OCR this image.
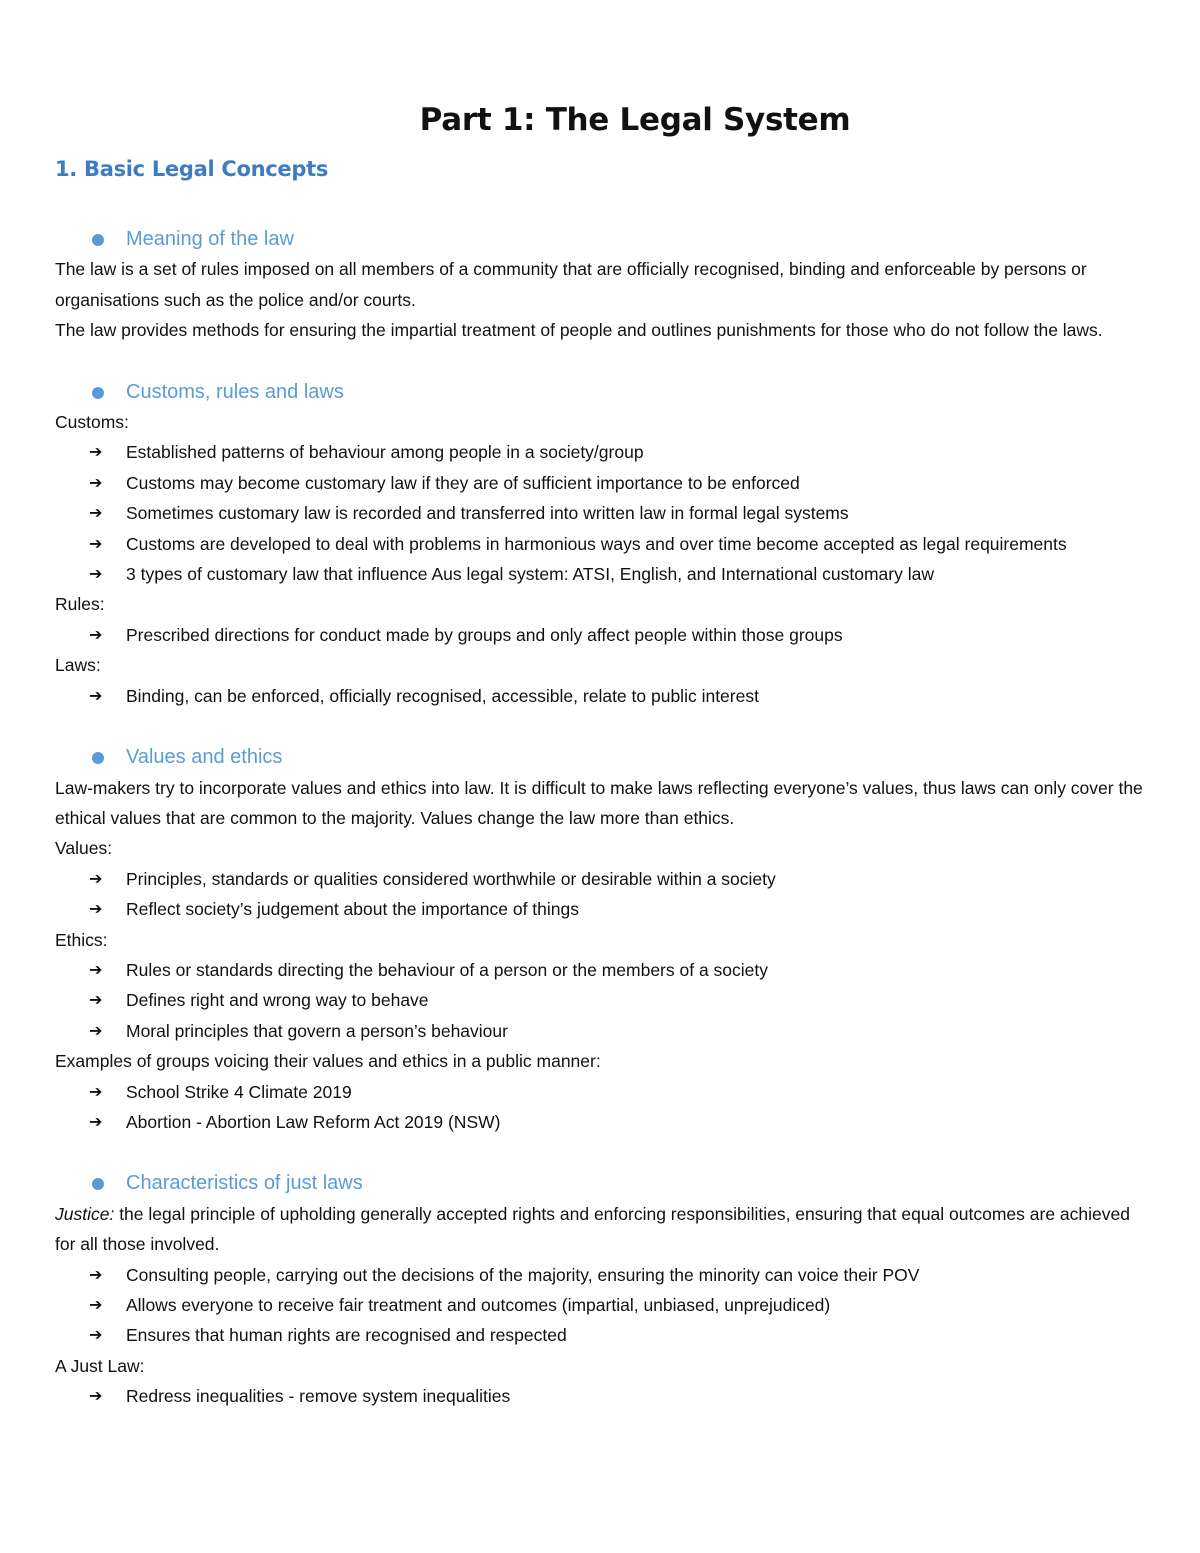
Part 1: The Legal System
1. Basic Legal Concepts

Meaning of the law

The law is a set of rules imposed on all members of a community that are officially recognised, binding and enforceable by persons or organisations such as the police and/or courts.

The law provides methods for ensuring the impartial treatment of people and outlines punishments for those who do not follow the laws.

Customs, rules and laws

Customs:

➔ Established patterns of behaviour among people in a society/group
➔ Customs may become customary law if they are of sufficient importance to be enforced
➔ Sometimes customary law is recorded and transferred into written law in formal legal systems
➔ Customs are developed to deal with problems in harmonious ways and over time become accepted as legal requirements
➔ 3 types of customary law that influence Aus legal system: ATSI, English, and International customary law

Rules:

➔ Prescribed directions for conduct made by groups and only affect people within those groups

Laws:

➔ Binding, can be enforced, officially recognised, accessible, relate to public interest

Values and ethics

Law-makers try to incorporate values and ethics into law. It is difficult to make laws reflecting everyone’s values, thus laws can only cover the ethical values that are common to the majority. Values change the law more than ethics.

Values:

➔ Principles, standards or qualities considered worthwhile or desirable within a society
➔ Reflect society’s judgement about the importance of things

Ethics:

➔ Rules or standards directing the behaviour of a person or the members of a society
➔ Defines right and wrong way to behave
➔ Moral principles that govern a person’s behaviour

Examples of groups voicing their values and ethics in a public manner:

➔ School Strike 4 Climate 2019
➔ Abortion - Abortion Law Reform Act 2019 (NSW)

Characteristics of just laws

Justice: the legal principle of upholding generally accepted rights and enforcing responsibilities, ensuring that equal outcomes are achieved for all those involved.

➔ Consulting people, carrying out the decisions of the majority, ensuring the minority can voice their POV
➔ Allows everyone to receive fair treatment and outcomes (impartial, unbiased, unprejudiced)
➔ Ensures that human rights are recognised and respected

A Just Law:

➔ Redress inequalities - remove system inequalities
